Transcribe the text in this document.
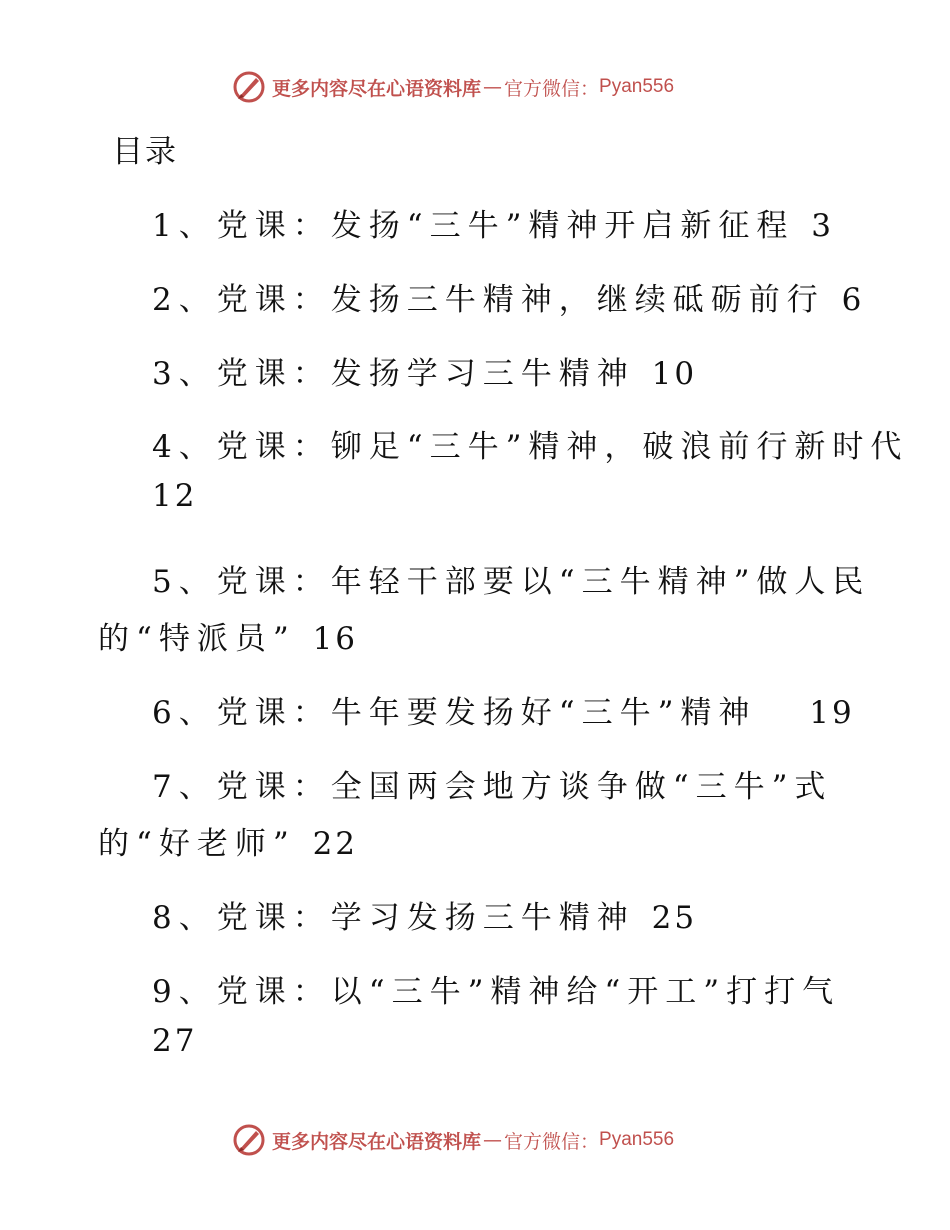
更多内容尽在心语资料库 — 官方微信： Pyan556
目录
1、党课：发扬“三牛”精神开启新征程 3
2、党课：发扬三牛精神，继续砥砺前行 6
3、党课：发扬学习三牛精神 10
4、党课：铆足“三牛”精神，破浪前行新时代
12
5、党课：年轻干部要以“三牛精神”做人民
的“特派员” 16
6、党课：牛年要发扬好“三牛”精神 19
7、党课：全国两会地方谈争做“三牛”式
的“好老师” 22
8、党课：学习发扬三牛精神 25
9、党课：以“三牛”精神给“开工”打打气
27
更多内容尽在心语资料库 — 官方微信： Pyan556
